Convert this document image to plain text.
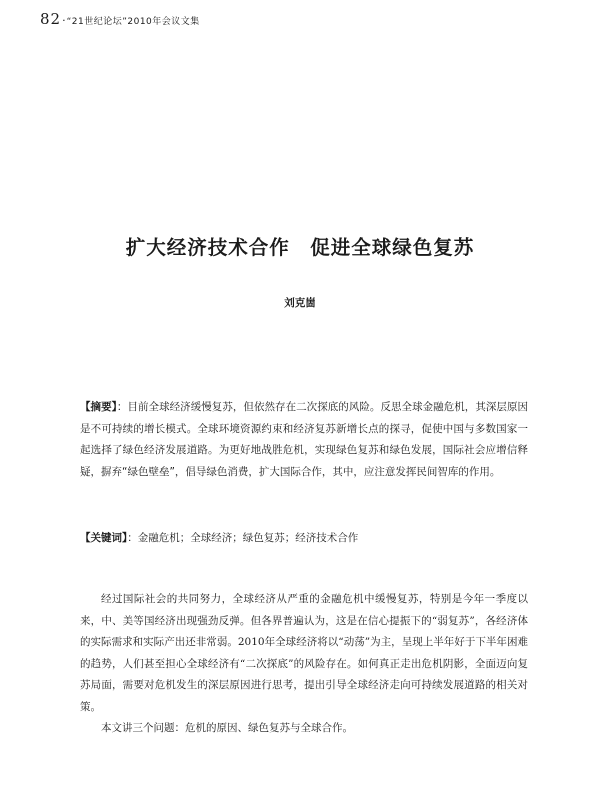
82 · “21世纪论坛”2010年会议文集
扩大经济技术合作　促进全球绿色复苏
刘克崮
【摘要】：目前全球经济缓慢复苏，但依然存在二次探底的风险。反思全球金融危机，其深层原因是不可持续的增长模式。全球环境资源约束和经济复苏新增长点的探寻，促使中国与多数国家一起选择了绿色经济发展道路。为更好地战胜危机，实现绿色复苏和绿色发展，国际社会应增信释疑，摒弃“绿色壁垒”，倡导绿色消费，扩大国际合作，其中，应注意发挥民间智库的作用。
【关键词】：金融危机；全球经济；绿色复苏；经济技术合作

经过国际社会的共同努力，全球经济从严重的金融危机中缓慢复苏，特别是今年一季度以来，中、美等国经济出现强劲反弹。但各界普遍认为，这是在信心提振下的“弱复苏”，各经济体的实际需求和实际产出还非常弱。2010年全球经济将以“动荡”为主，呈现上半年好于下半年困难的趋势，人们甚至担心全球经济有“二次探底”的风险存在。如何真正走出危机阴影，全面迈向复苏局面，需要对危机发生的深层原因进行思考，提出引导全球经济走向可持续发展道路的相关对策。

本文讲三个问题：危机的原因、绿色复苏与全球合作。
